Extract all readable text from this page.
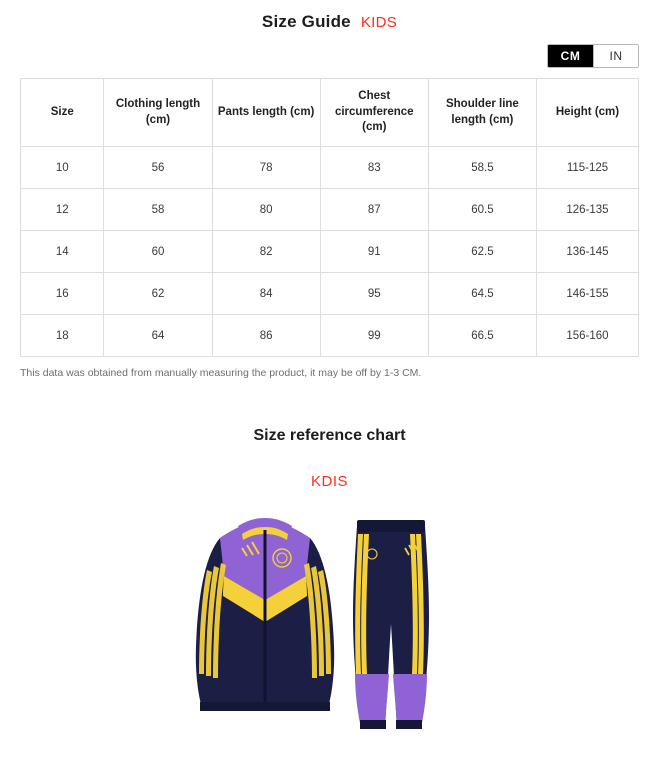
Size Guide KIDS
CM	IN
Size	Clothing length (cm)	Pants length (cm)	Chest circumference (cm)	Shoulder line length (cm)	Height (cm)
10	56	78	83	58.5	115-125
12	58	80	87	60.5	126-135
14	60	82	91	62.5	136-145
16	62	84	95	64.5	146-155
18	64	86	99	66.5	156-160
This data was obtained from manually measuring the product, it may be off by 1-3 CM.
Size reference chart
KDIS
